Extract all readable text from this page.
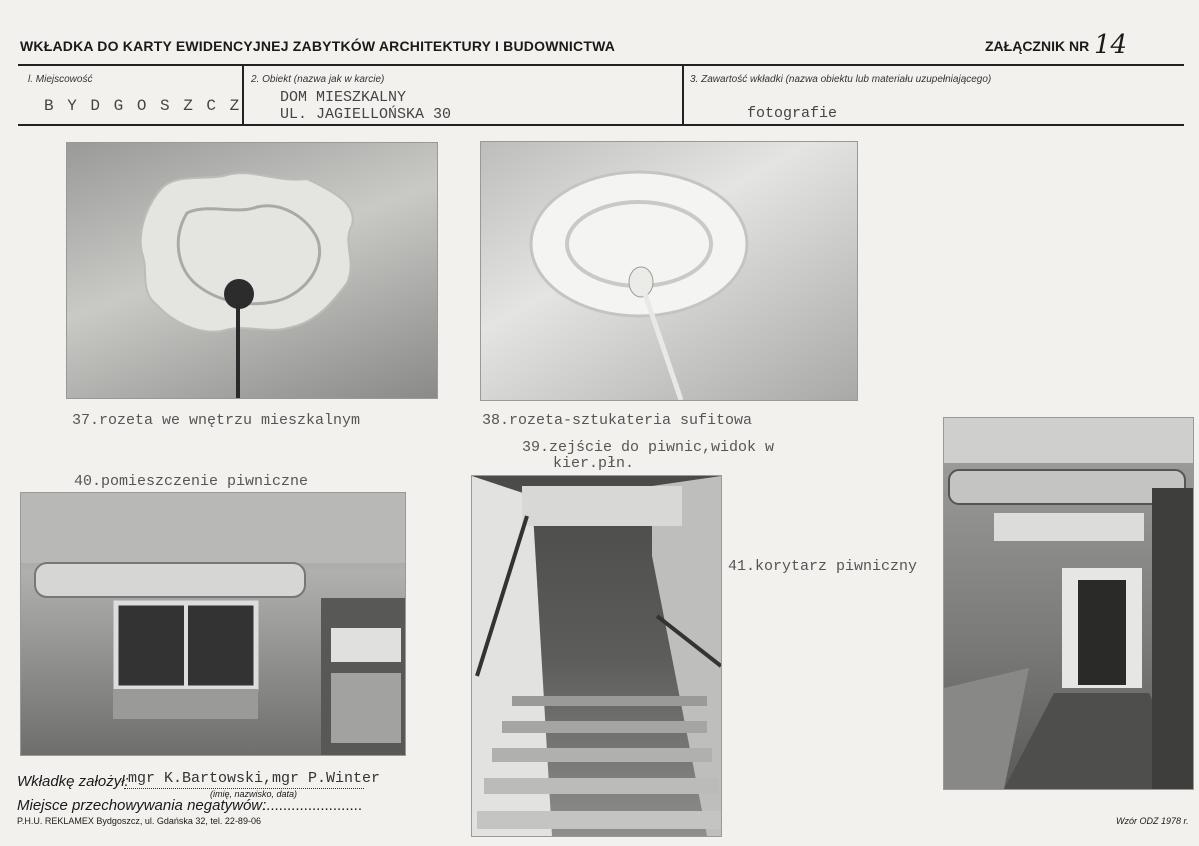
WKŁADKA DO KARTY EWIDENCYJNEJ ZABYTKÓW ARCHITEKTURY I BUDOWNICTWA	ZAŁĄCZNIK NR 14
l. Miejscowość
B Y D G O S Z C Z
2. Obiekt (nazwa jak w karcie)
DOM MIESZKALNY
UL. JAGIELLOŃSKA 30
3. Zawartość wkładki (nazwa obiektu lub materiału uzupełniającego)
fotografie
37.rozeta we wnętrzu mieszkalnym	38.rozeta-sztukateria sufitowa
39.zejście do piwnic,widok w
kier.płn.
40.pomieszczenie piwniczne
41.korytarz piwniczny
Wkładkę założył: mgr K.Bartowski,mgr P.Winter
(imię, nazwisko, data)
Miejsce przechowywania negatywów:
........................
P.H.U. REKLAMEX Bydgoszcz, ul. Gdańska 32, tel. 22-89-06	Wzór ODZ 1978 r.
